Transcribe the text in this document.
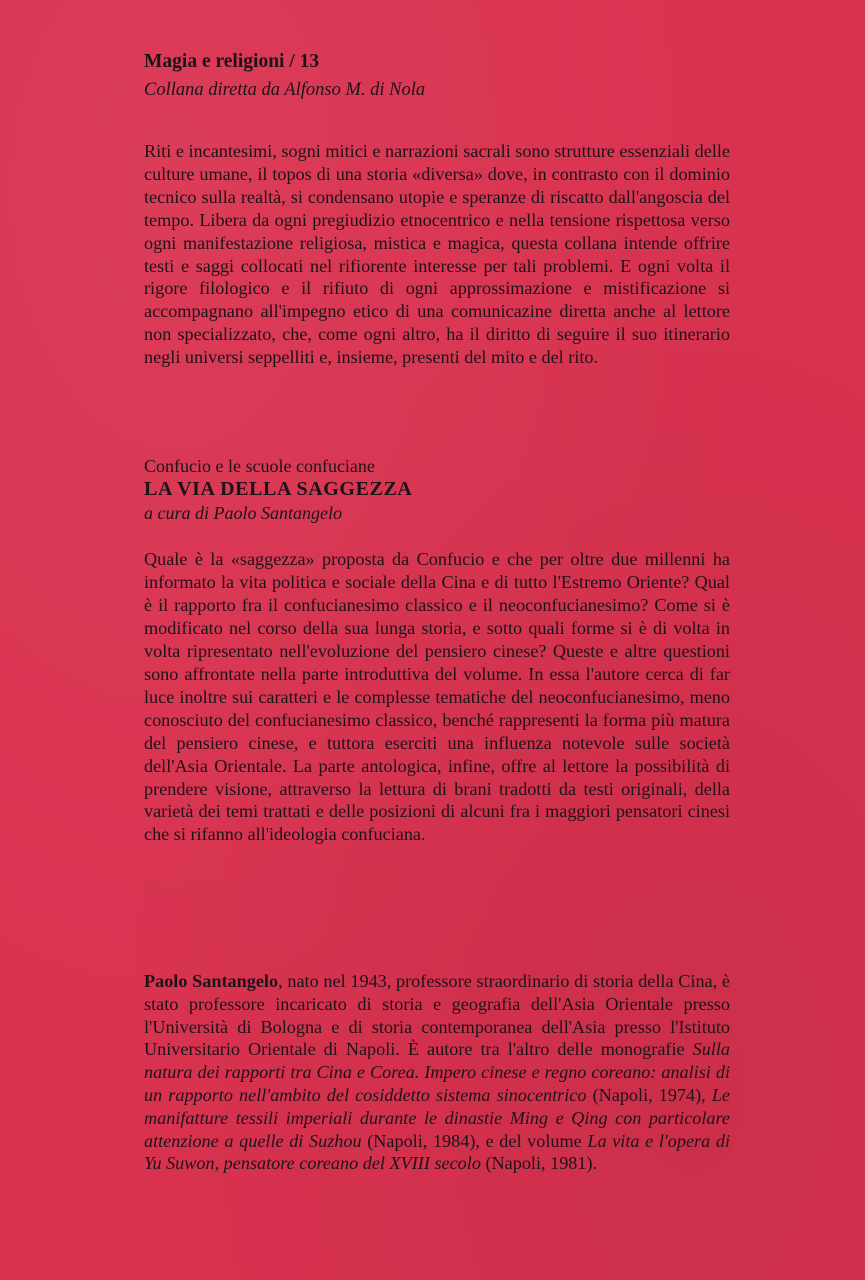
Magia e religioni / 13
Collana diretta da Alfonso M. di Nola

Riti e incantesimi, sogni mitici e narrazioni sacrali sono strutture essenziali delle culture umane, il topos di una storia «diversa» dove, in contrasto con il dominio tecnico sulla realtà, si condensano utopie e speranze di riscatto dall'angoscia del tempo. Libera da ogni pregiudizio etnocentrico e nella tensione rispettosa verso ogni manifestazione religiosa, mistica e magica, questa collana intende offrire testi e saggi collocati nel rifiorente interesse per tali problemi. E ogni volta il rigore filologico e il rifiuto di ogni approssimazione e mistificazione si accompagnano all'impegno etico di una comunicazine diretta anche al lettore non specializzato, che, come ogni altro, ha il diritto di seguire il suo itinerario negli universi seppelliti e, insieme, presenti del mito e del rito.

Confucio e le scuole confuciane
LA VIA DELLA SAGGEZZA
a cura di Paolo Santangelo

Quale è la «saggezza» proposta da Confucio e che per oltre due millenni ha informato la vita politica e sociale della Cina e di tutto l'Estremo Oriente? Qual è il rapporto fra il confucianesimo classico e il neoconfucianesimo? Come si è modificato nel corso della sua lunga storia, e sotto quali forme si è di volta in volta ripresentato nell'evoluzione del pensiero cinese? Queste e altre questioni sono affrontate nella parte introduttiva del volume. In essa l'autore cerca di far luce inoltre sui caratteri e le complesse tematiche del neoconfucianesimo, meno conosciuto del confucianesimo classico, benché rappresenti la forma più matura del pensiero cinese, e tuttora eserciti una influenza notevole sulle società dell'Asia Orientale. La parte antologica, infine, offre al lettore la possibilità di prendere visione, attraverso la lettura di brani tradotti da testi originali, della varietà dei temi trattati e delle posizioni di alcuni fra i maggiori pensatori cinesi che si rifanno all'ideologia confuciana.

Paolo Santangelo, nato nel 1943, professore straordinario di storia della Cina, è stato professore incaricato di storia e geografia dell'Asia Orientale presso l'Università di Bologna e di storia contemporanea dell'Asia presso l'Istituto Universitario Orientale di Napoli. È autore tra l'altro delle monografie Sulla natura dei rapporti tra Cina e Corea. Impero cinese e regno coreano: analisi di un rapporto nell'ambito del cosiddetto sistema sinocentrico (Napoli, 1974), Le manifatture tessili imperiali durante le dinastie Ming e Qing con particolare attenzione a quelle di Suzhou (Napoli, 1984), e del volume La vita e l'opera di Yu Suwon, pensatore coreano del XVIII secolo (Napoli, 1981).
